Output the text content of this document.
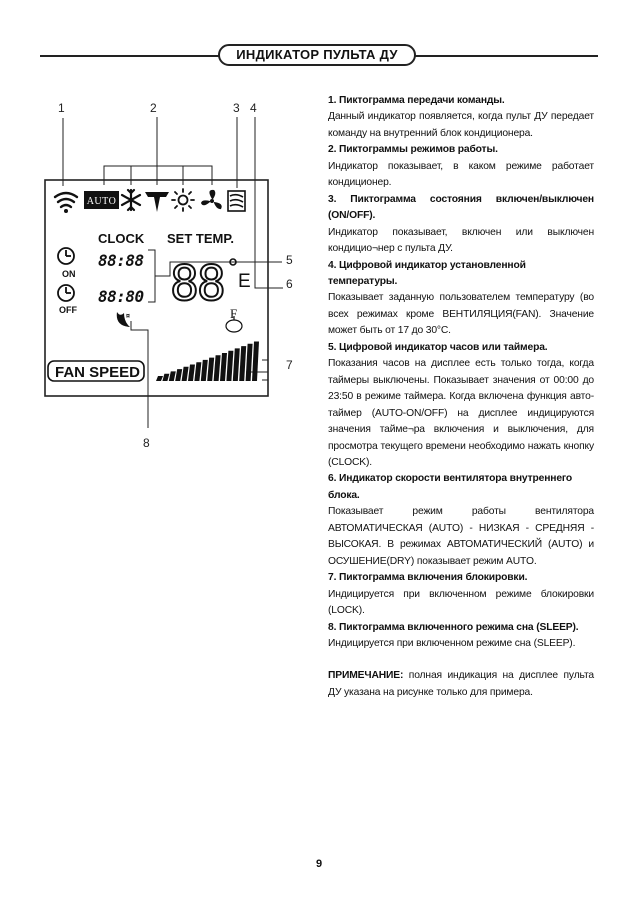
ИНДИКАТОР ПУЛЬТА ДУ
1	2	3 4
5
6
7
8
AUTO
CLOCK SET TEMP.
ON
OFF
88:88
88:80 88 E
F
¤
FAN SPEED

1. Пиктограмма передачи команды.

Данный индикатор появляется, когда пульт ДУ передает команду на внутренний блок кондиционера.

2. Пиктограммы режимов работы.

Индикатор показывает, в каком режиме работает кондиционер.

3. Пиктограмма состояния включен/выключен (ON/OFF).

Индикатор показывает, включен или выключен кондицио¬нер с пульта ДУ.

4. Цифровой индикатор установленной температуры.

Показывает заданную пользователем температуру (во всех режимах кроме ВЕНТИЛЯЦИЯ(FAN). Значение может быть от 17 до 30°С.

5. Цифровой индикатор часов или таймера.

Показания часов на дисплее есть только тогда, когда таймеры выключены. Показывает значения от 00:00 до 23:50 в режиме таймера. Когда включена функция авто-таймер (AUTO-ON/OFF) на дисплее индицируются значения тайме¬ра включения и выключения, для просмотра текущего времени необходимо нажать кнопку (CLOCK).

6. Индикатор скорости вентилятора внутреннего блока.

Показывает режим работы вентилятора АВТОМАТИЧЕСКАЯ (AUTO) - НИЗКАЯ - СРЕДНЯЯ - ВЫСОКАЯ. В режимах АВТОМАТИЧЕСКИЙ (AUTO) и ОСУШЕНИЕ(DRY) показывает режим AUTO.

7. Пиктограмма включения блокировки.

Индицируется при включенном режиме блокировки (LOCK).

8. Пиктограмма включенного режима сна (SLEEP).

Индицируется при включенном режиме сна (SLEEP).

ПРИМЕЧАНИЕ: полная индикация на дисплее пульта ДУ указана на рисунке только для примера.

9
